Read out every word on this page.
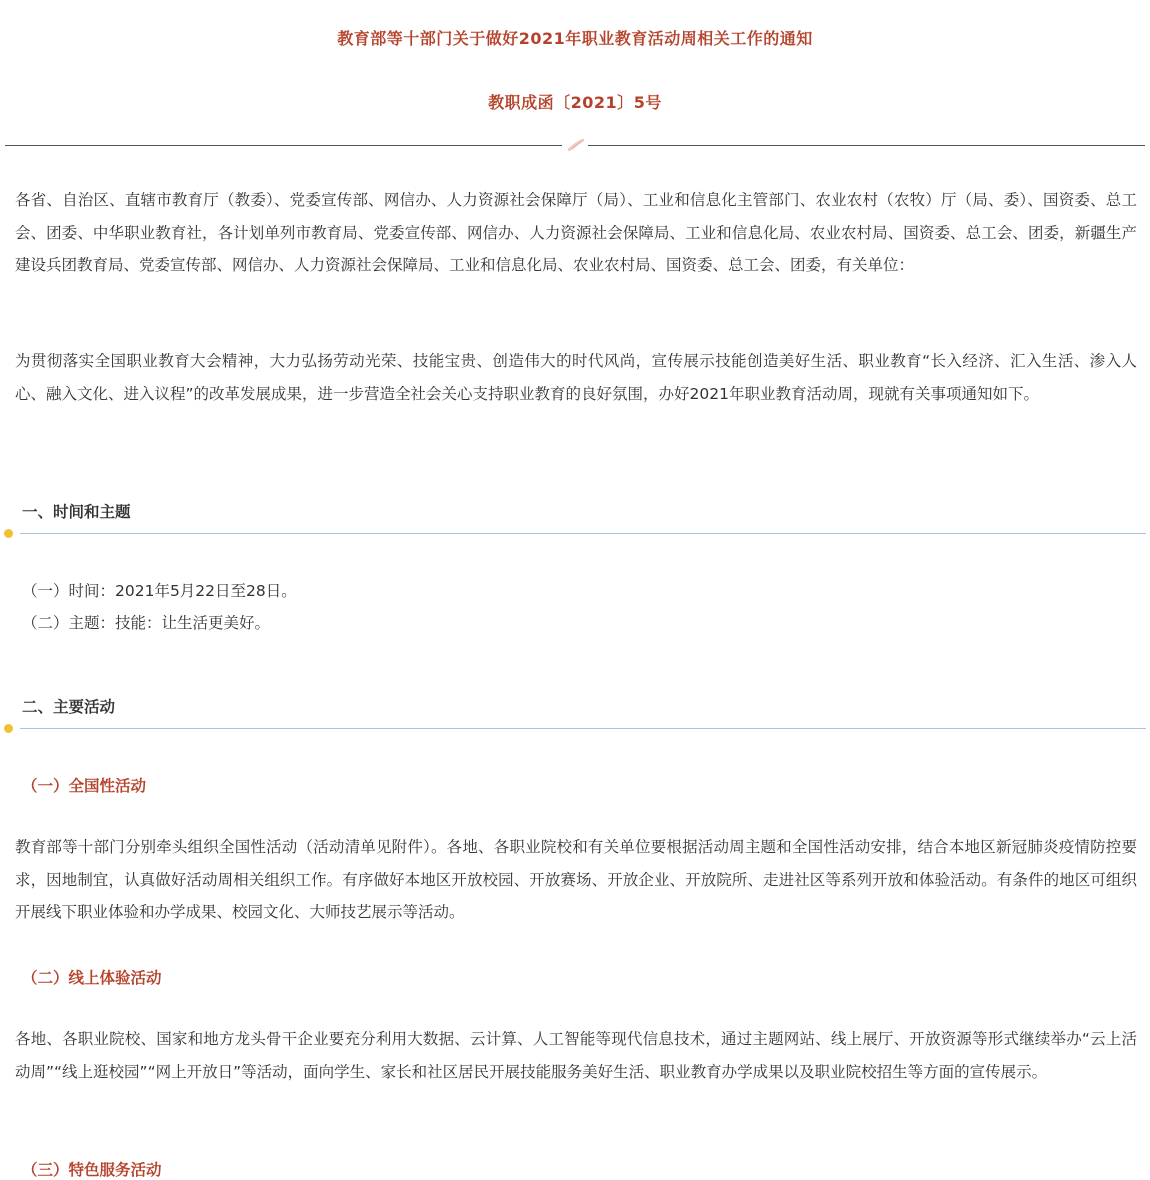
教育部等十部门关于做好2021年职业教育活动周相关工作的通知
教职成函〔2021〕5号

各省、自治区、直辖市教育厅（教委）、党委宣传部、网信办、人力资源社会保障厅（局）、工业和信息化主管部门、农业农村（农牧）厅（局、委）、国资委、总工会、团委、中华职业教育社，各计划单列市教育局、党委宣传部、网信办、人力资源社会保障局、工业和信息化局、农业农村局、国资委、总工会、团委，新疆生产建设兵团教育局、党委宣传部、网信办、人力资源社会保障局、工业和信息化局、农业农村局、国资委、总工会、团委，有关单位：

为贯彻落实全国职业教育大会精神，大力弘扬劳动光荣、技能宝贵、创造伟大的时代风尚，宣传展示技能创造美好生活、职业教育“长入经济、汇入生活、渗入人心、融入文化、进入议程”的改革发展成果，进一步营造全社会关心支持职业教育的良好氛围，办好2021年职业教育活动周，现就有关事项通知如下。

一、时间和主题
（一）时间：2021年5月22日至28日。
（二）主题：技能：让生活更美好。
二、主要活动
（一）全国性活动

教育部等十部门分别牵头组织全国性活动（活动清单见附件）。各地、各职业院校和有关单位要根据活动周主题和全国性活动安排，结合本地区新冠肺炎疫情防控要求，因地制宜，认真做好活动周相关组织工作。有序做好本地区开放校园、开放赛场、开放企业、开放院所、走进社区等系列开放和体验活动。有条件的地区可组织开展线下职业体验和办学成果、校园文化、大师技艺展示等活动。

（二）线上体验活动

各地、各职业院校、国家和地方龙头骨干企业要充分利用大数据、云计算、人工智能等现代信息技术，通过主题网站、线上展厅、开放资源等形式继续举办“云上活动周”“线上逛校园”“网上开放日”等活动，面向学生、家长和社区居民开展技能服务美好生活、职业教育办学成果以及职业院校招生等方面的宣传展示。

（三）特色服务活动
